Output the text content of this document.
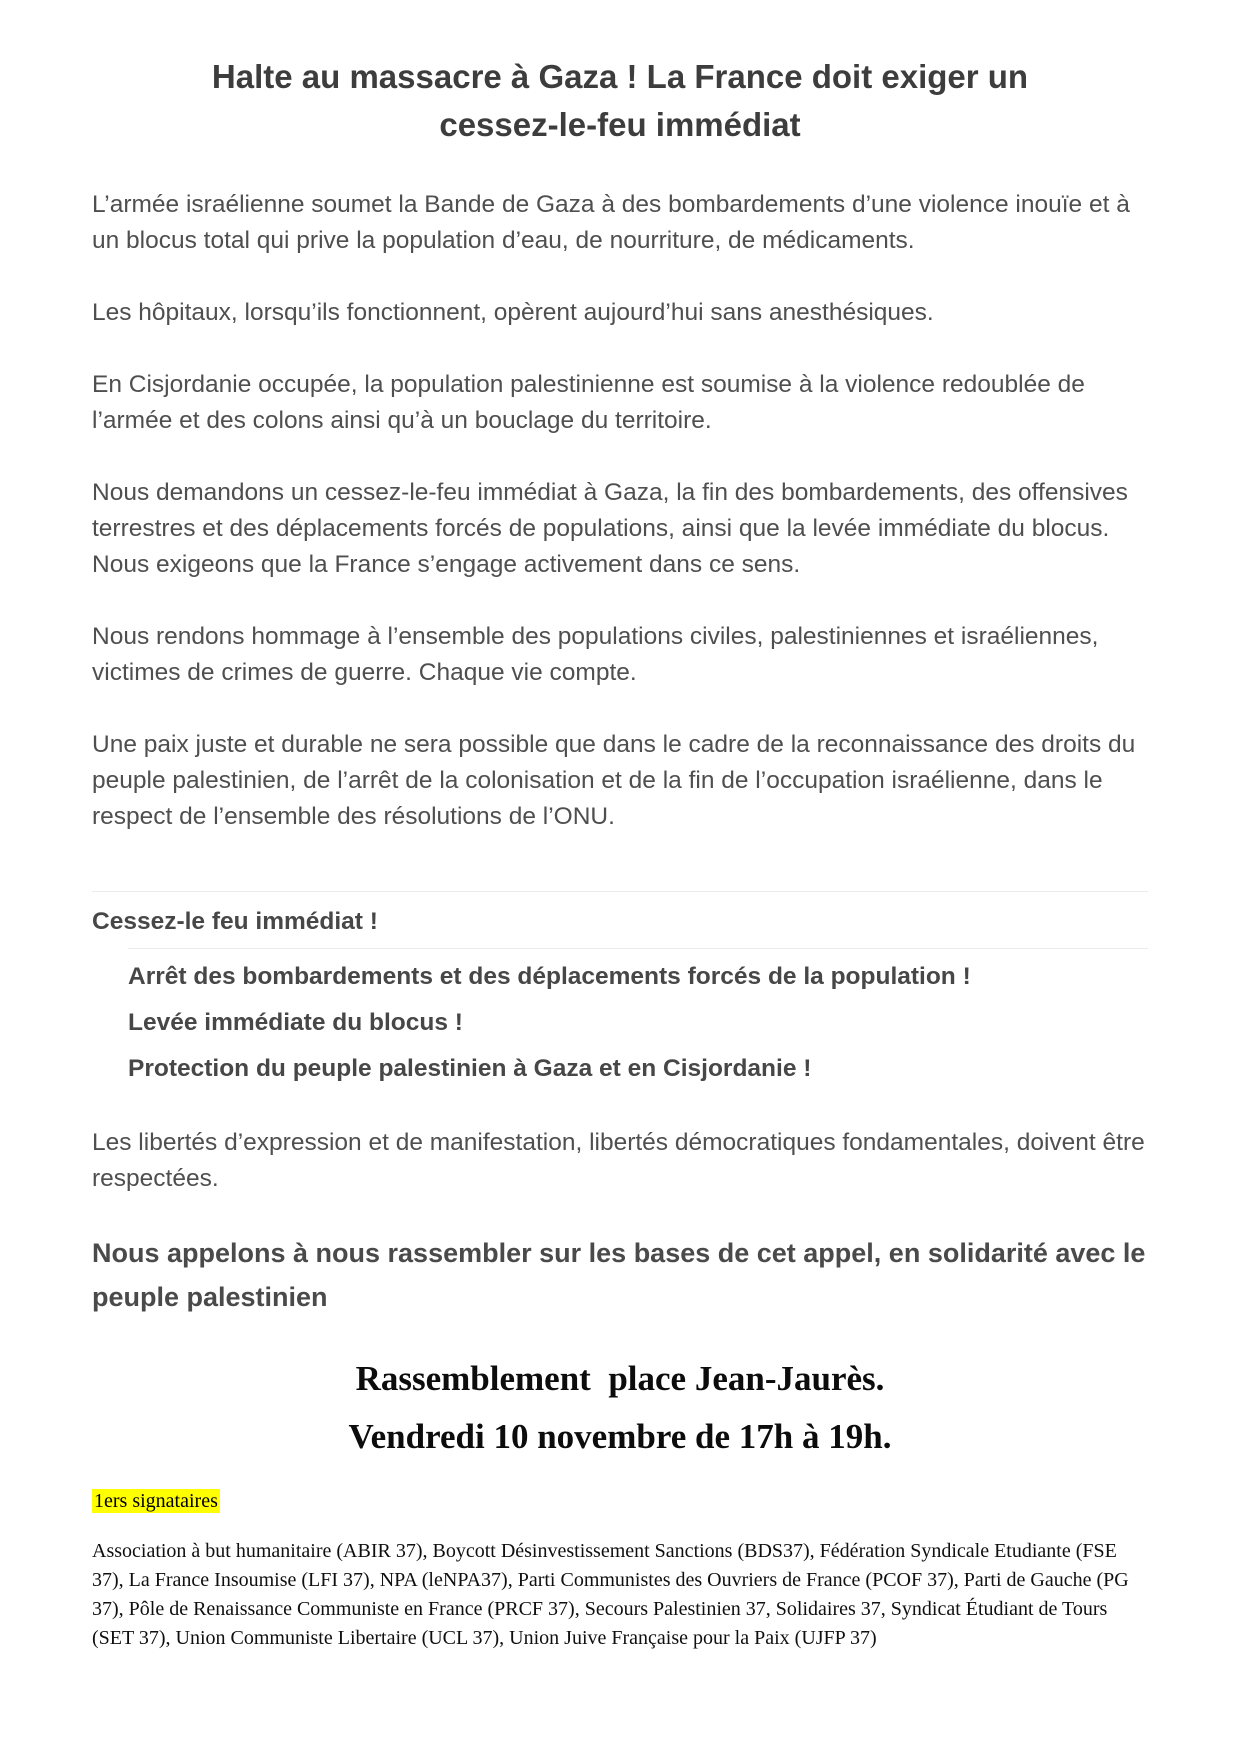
Halte au massacre à Gaza ! La France doit exiger un
cessez-le-feu immédiat

L’armée israélienne soumet la Bande de Gaza à des bombardements d’une violence inouïe et à un blocus total qui prive la population d’eau, de nourriture, de médicaments.

Les hôpitaux, lorsqu’ils fonctionnent, opèrent aujourd’hui sans anesthésiques.

En Cisjordanie occupée, la population palestinienne est soumise à la violence redoublée de l’armée et des colons ainsi qu’à un bouclage du territoire.

Nous demandons un cessez-le-feu immédiat à Gaza, la fin des bombardements, des offensives terrestres et des déplacements forcés de populations, ainsi que la levée immédiate du blocus.
Nous exigeons que la France s’engage activement dans ce sens.

Nous rendons hommage à l’ensemble des populations civiles, palestiniennes et israéliennes, victimes de crimes de guerre. Chaque vie compte.

Une paix juste et durable ne sera possible que dans le cadre de la reconnaissance des droits du peuple palestinien, de l’arrêt de la colonisation et de la fin de l’occupation israélienne, dans le respect de l’ensemble des résolutions de l’ONU.

Cessez-le feu immédiat !

Arrêt des bombardements et des déplacements forcés de la population !

Levée immédiate du blocus !

Protection du peuple palestinien à Gaza et en Cisjordanie !

Les libertés d’expression et de manifestation, libertés démocratiques fondamentales, doivent être respectées.

Nous appelons à nous rassembler sur les bases de cet appel, en solidarité avec le peuple palestinien

Rassemblement  place Jean-Jaurès.

Vendredi 10 novembre de 17h à 19h.

1ers signataires

Association à but humanitaire (ABIR 37), Boycott Désinvestissement Sanctions (BDS37), Fédération Syndicale Etudiante (FSE 37), La France Insoumise (LFI 37), NPA (leNPA37), Parti Communistes des Ouvriers de France (PCOF 37), Parti de Gauche (PG 37), Pôle de Renaissance Communiste en France (PRCF 37), Secours Palestinien 37, Solidaires 37, Syndicat Étudiant de Tours (SET 37), Union Communiste Libertaire (UCL 37), Union Juive Française pour la Paix (UJFP 37)
